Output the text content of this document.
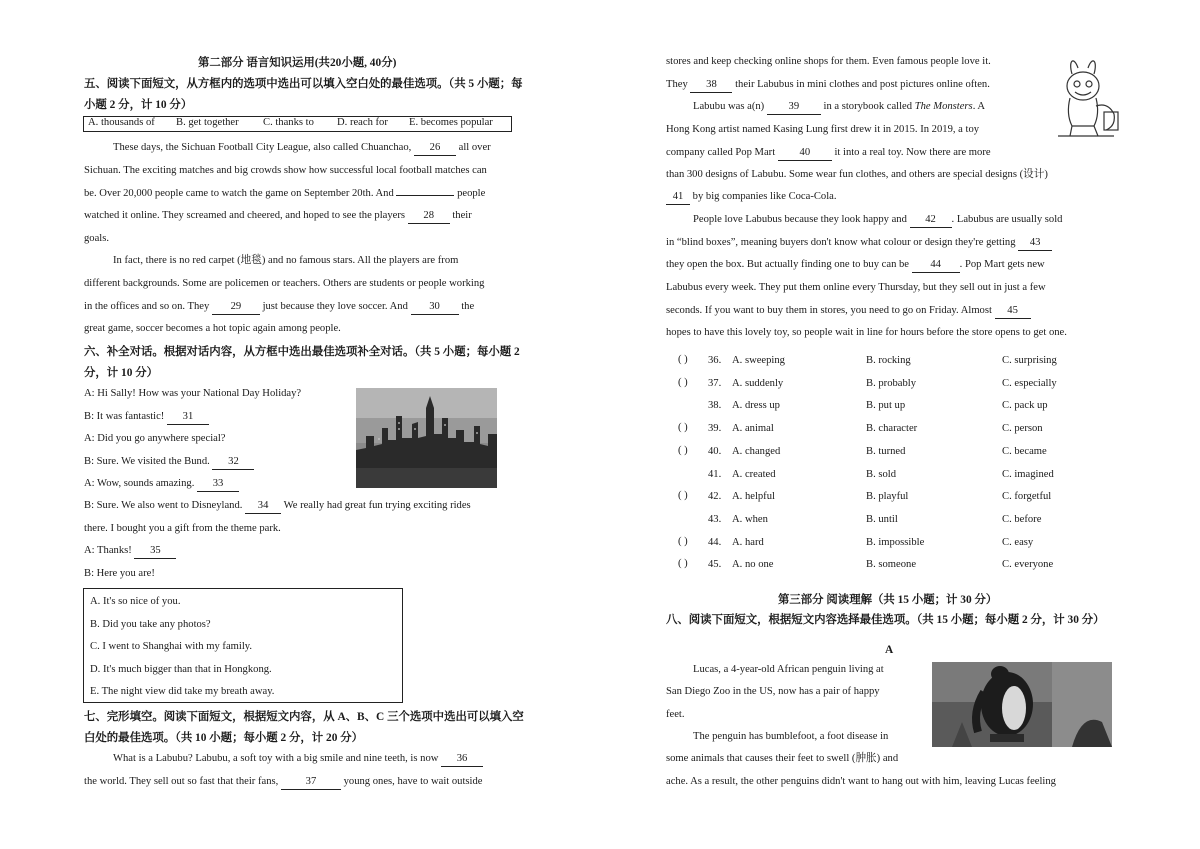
第二部分 语言知识运用(共20小题, 40分)
五、阅读下面短文，从方框内的选项中选出可以填入空白处的最佳选项。（共 5 小题；每
小题 2 分，计 10 分）
A. thousands of B. get together C. thanks to D. reach for E. becomes popular
These days, the Sichuan Football City League, also called Chuanchao, 26 all over
Sichuan. The exciting matches and big crowds show how successful local football matches can
be. Over 20,000 people came to watch the game on September 20th. And	people
watched it online. They screamed and cheered, and hoped to see the players 28 their
goals.
In fact, there is no red carpet (地毯) and no famous stars. All the players are from
different backgrounds. Some are policemen or teachers. Others are students or people working
in the offices and so on. They 29 just because they love soccer. And 30 the
great game, soccer becomes a hot topic again among people.
六、补全对话。根据对话内容，从方框中选出最佳选项补全对话。（共 5 小题；每小题 2
分，计 10 分）
A: Hi Sally! How was your National Day Holiday?
B: It was fantastic! 31
A: Did you go anywhere special?
B: Sure. We visited the Bund. 32
A: Wow, sounds amazing. 33
B: Sure. We also went to Disneyland. 34 We really had great fun trying exciting rides
there. I bought you a gift from the theme park.
A: Thanks! 35
B: Here you are!
A. It's so nice of you.
B. Did you take any photos?
C. I went to Shanghai with my family.
D. It's much bigger than that in Hongkong.
E. The night view did take my breath away.
七、完形填空。阅读下面短文，根据短文内容，从 A、B、C 三个选项中选出可以填入空
白处的最佳选项。（共 10 小题；每小题 2 分，计 20 分）
What is a Labubu? Labubu, a soft toy with a big smile and nine teeth, is now 36
the world. They sell out so fast that their fans,	37	young ones, have to wait outside
stores and keep checking online shops for them. Even famous people love it.
They 38 their Labubus in mini clothes and post pictures online often.
Labubu was a(n) 39 in a storybook called The Monsters. A
Hong Kong artist named Kasing Lung first drew it in 2015. In 2019, a toy
company called Pop Mart 40 it into a real toy. Now there are more
than 300 designs of Labubu. Some wear fun clothes, and others are special designs (设计)
41 by big companies like Coca-Cola.
People love Labubus because they look happy and 42 . Labubus are usually sold
in “blind boxes”, meaning buyers don't know what colour or design they're getting 43
they open the box. But actually finding one to buy can be 44 . Pop Mart gets new
Labubus every week. They put them online every Thursday, but they sell out in just a few
seconds. If you want to buy them in stores, you need to go on Friday. Almost 45
hopes to have this lovely toy, so people wait in line for hours before the store opens to get one.
( ) 36. A. sweeping	B. rocking	C. surprising
( ) 37. A. suddenly	B. probably	C. especially
38. A. dress up	B. put up	C. pack up
( ) 39. A. animal	B. character	C. person
( ) 40. A. changed	B. turned	C. became
41. A. created	B. sold	C. imagined
( ) 42. A. helpful	B. playful	C. forgetful
43. A. when	B. until	C. before
( ) 44. A. hard	B. impossible	C. easy
( ) 45. A. no one	B. someone	C. everyone
第三部分 阅读理解（共 15 小题；计 30 分）
八、阅读下面短文，根据短文内容选择最佳选项。（共 15 小题；每小题 2 分，计 30 分）
A
Lucas, a 4-year-old African penguin living at
San Diego Zoo in the US, now has a pair of happy
feet.
The penguin has bumblefoot, a foot disease in
some animals that causes their feet to swell (肿胀) and
ache. As a result, the other penguins didn't want to hang out with him, leaving Lucas feeling
